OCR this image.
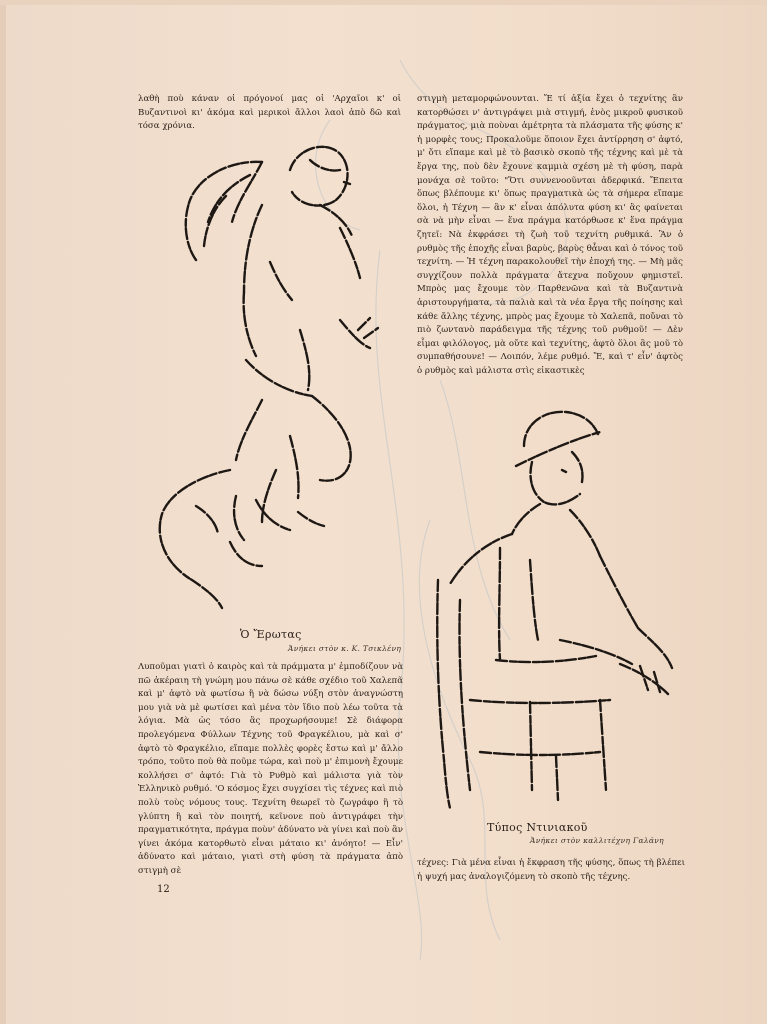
λαθὴ ποὺ κάναν οἱ πρόγονοί μας οἱ 'Αρχαῖοι κ' οἱ Βυζαντινοὶ κι' ἀκόμα καὶ μερικοὶ ἄλλοι λαοὶ ἀπὸ δῶ καὶ τόσα χρόνια.

Ὁ Ἔρωτας
Ἀνήκει στὸν κ. Κ. Τσικλένη

Λυποῦμαι γιατὶ ὁ καιρὸς καὶ τὰ πράμματα μ' ἐμποδίζουν νὰ πῶ ἀκέραιη τὴ γνώμη μου πάνω σὲ κάθε σχέδιο τοῦ Χαλεπᾶ καὶ μ' ἀφτὸ νὰ φωτίσω ἢ νὰ δώσω νύξη στὸν ἀναγνώστη μου γιὰ νὰ μὲ φωτίσει καὶ μένα τὸν ἴδιο ποὺ λέω τοῦτα τὰ λόγια. Μὰ ὡς τόσο ἂς προχωρήσουμε! Σὲ διάφορα προλεγόμενα Φύλλων Τέχνης τοῦ Φραγκέλιου, μὰ καὶ σ' ἀφτὸ τὸ Φραγκέλιο, εἴπαμε πολλὲς φορὲς ἔστω καὶ μ' ἄλλο τρόπο, τοῦτο ποὺ θὰ ποῦμε τώρα, καὶ ποὺ μ' ἐπιμονὴ ἔχουμε κολλήσει σ' ἀφτό: Γιὰ τὸ Ρυθμὸ καὶ μάλιστα γιὰ τὸν Ἑλληνικὸ ρυθμό. 'Ο κόσμος ἔχει συγχίσει τὶς τέχνες καὶ πιὸ πολὺ τοὺς νόμους τους. Τεχνίτη θεωρεῖ τὸ ζωγράφο ἢ τὸ γλύπτη ἢ καὶ τὸν ποιητή, κεῖνονε ποὺ ἀντιγράφει τὴν πραγματικότητα, πράγμα ποὺν' ἀδύνατο νὰ γίνει καὶ ποὺ ἂν γίνει ἀκόμα κατορθωτὸ εἶναι μάταιο κι' ἀνόητο! — Εἶν' ἀδύνατο καὶ μάταιο, γιατὶ στὴ φύση τὰ πράγματα ἀπὸ στιγμὴ σὲ

στιγμὴ μεταμορφώνουνται. Ἔ τί ἀξία ἔχει ὁ τεχνίτης ἂν κατορθώσει ν' ἀντιγράψει μιὰ στιγμή, ἑνὸς μικροῦ φυσικοῦ πράγματος, μιὰ ποὺναι ἀμέτρητα τὰ πλάσματα τῆς φύσης κ' ἡ μορφὲς τους; Προκαλοῦμε ὅποιον ἔχει ἀντίρρηση σ' ἀφτό, μ' ὅτι εἴπαμε καὶ μὲ τὸ βασικὸ σκοπὸ τῆς τέχνης καὶ μὲ τὰ ἔργα της, ποὺ δὲν ἔχουνε καμμιὰ σχέση μὲ τὴ φύση, παρὰ μονάχα σὲ τοῦτο: "Ὅτι συννενοοῦνται ἀδερφικά. Ἔπειτα ὅπως βλέπουμε κι' ὅπως πραγματικὰ ὡς τὰ σήμερα εἴπαμε ὅλοι, ἡ Τέχνη — ἂν κ' εἶναι ἀπόλυτα φύση κι' ἂς φαίνεται σὰ νὰ μὴν εἶναι — ἕνα πράγμα κατόρθωσε κ' ἕνα πράγμα ζητεῖ: Νὰ ἐκφράσει τὴ ζωὴ τοῦ τεχνίτη ρυθμικά. Ἂν ὁ ρυθμὸς τῆς ἐποχῆς εἶναι βαρὺς, βαρὺς θἆναι καὶ ὁ τόνος τοῦ τεχνίτη. — Ἡ τέχνη παρακολουθεῖ τὴν ἐποχή της. — Μὴ μᾶς συγχίζουν πολλὰ πράγματα ἄτεχνα ποὔχουν φημιστεῖ. Μπρὸς μας ἔχουμε τὸν Παρθενῶνα καὶ τὰ Βυζαντινὰ ἀριστουργήματα, τὰ παλιὰ καὶ τὰ νέα ἔργα τῆς ποίησης καὶ κάθε ἄλλης τέχνης, μπρὸς μας ἔχουμε τὸ Χαλεπᾶ, ποὔναι τὸ πιὸ ζωντανὸ παράδειγμα τῆς τέχνης τοῦ ρυθμοῦ! — Δὲν εἶμαι φιλόλογος, μὰ οὔτε καὶ τεχνίτης, ἀφτὸ ὅλοι ἂς μοῦ τὸ συμπαθήσουνε! — Λοιπόν, λέμε ρυθμό. Ἔ, καὶ τ' εἶν' ἀφτὸς ὁ ρυθμὸς καὶ μάλιστα στὶς εἰκαστικὲς

Τύπος Ντινιακοῦ
Ἀνήκει στὸν καλλιτέχνη Γαλάνη

τέχνες: Γιὰ μένα εἶναι ἡ ἔκφραση τῆς φύσης, ὅπως τὴ βλέπει ἡ ψυχή μας ἀναλογιζόμενη τὸ σκοπὸ τῆς τέχνης.

12
